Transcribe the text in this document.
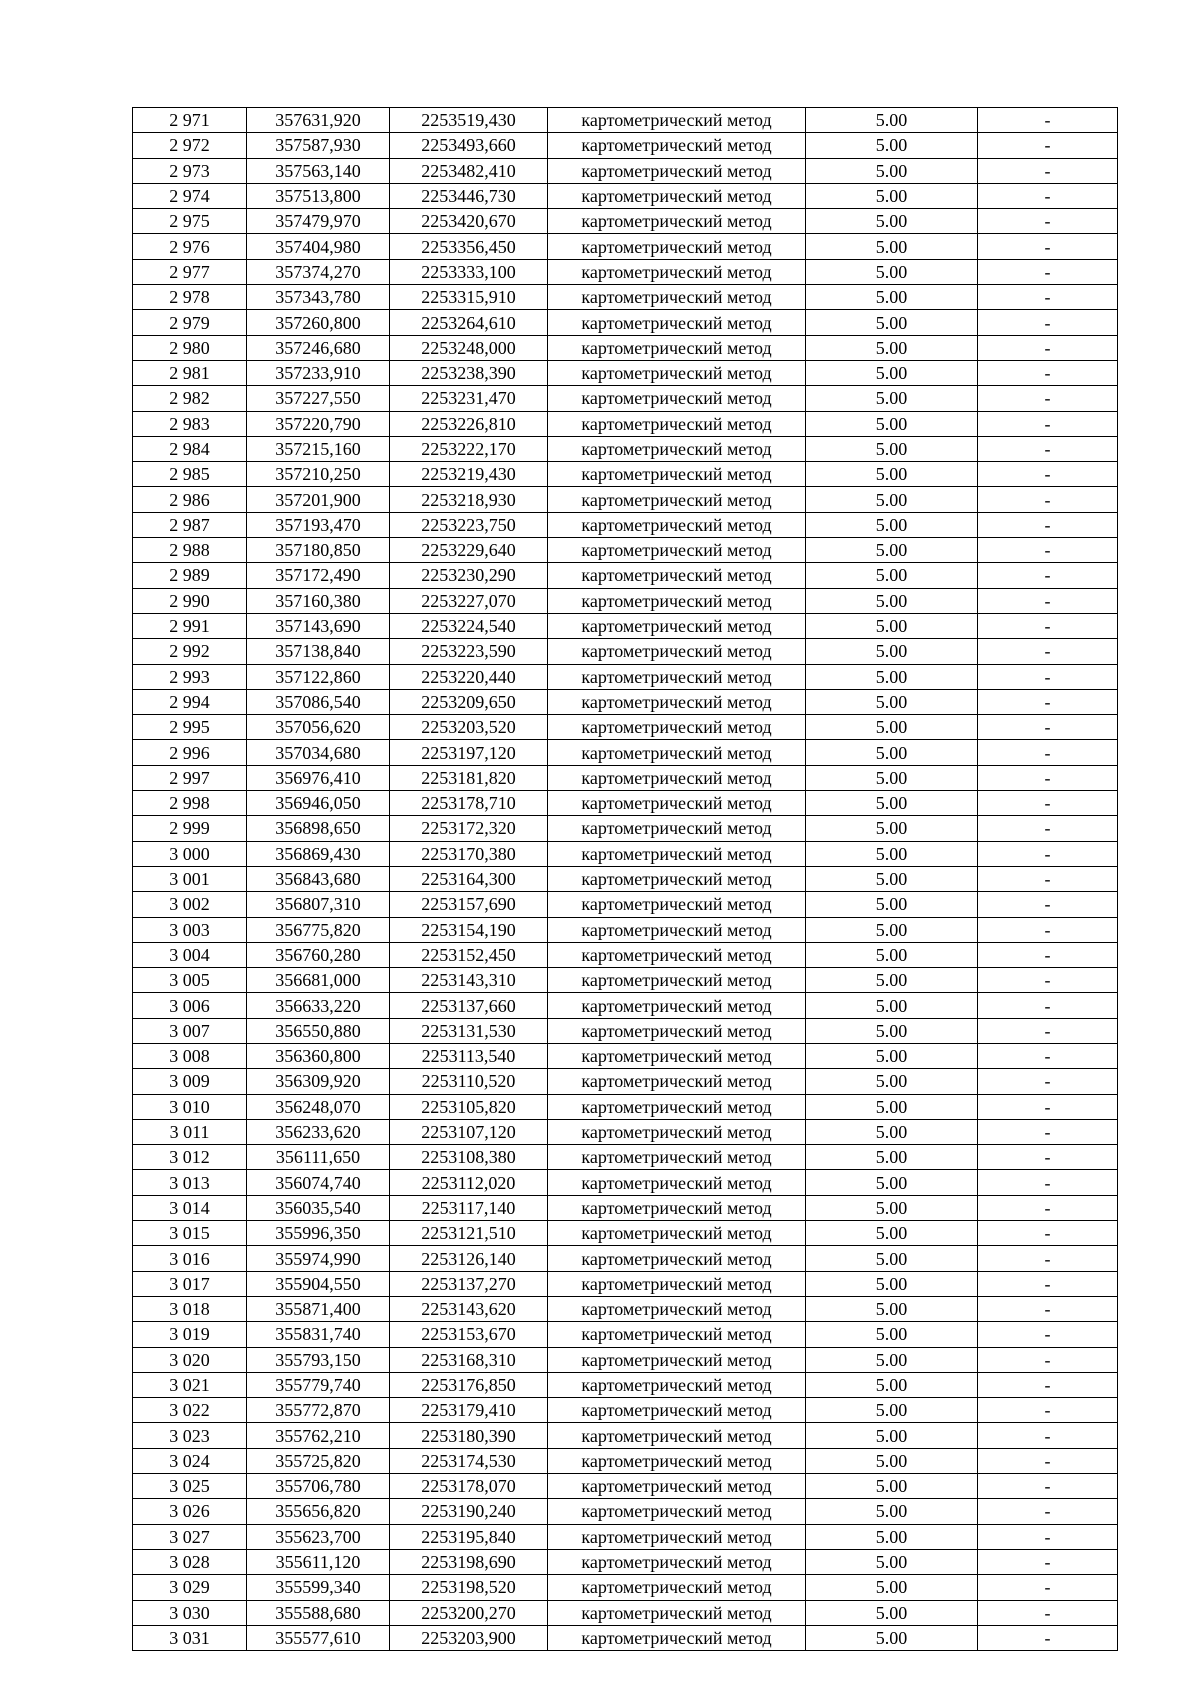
2 971	357631,920	2253519,430	картометрический метод	5.00	-
2 972	357587,930	2253493,660	картометрический метод	5.00	-
2 973	357563,140	2253482,410	картометрический метод	5.00	-
2 974	357513,800	2253446,730	картометрический метод	5.00	-
2 975	357479,970	2253420,670	картометрический метод	5.00	-
2 976	357404,980	2253356,450	картометрический метод	5.00	-
2 977	357374,270	2253333,100	картометрический метод	5.00	-
2 978	357343,780	2253315,910	картометрический метод	5.00	-
2 979	357260,800	2253264,610	картометрический метод	5.00	-
2 980	357246,680	2253248,000	картометрический метод	5.00	-
2 981	357233,910	2253238,390	картометрический метод	5.00	-
2 982	357227,550	2253231,470	картометрический метод	5.00	-
2 983	357220,790	2253226,810	картометрический метод	5.00	-
2 984	357215,160	2253222,170	картометрический метод	5.00	-
2 985	357210,250	2253219,430	картометрический метод	5.00	-
2 986	357201,900	2253218,930	картометрический метод	5.00	-
2 987	357193,470	2253223,750	картометрический метод	5.00	-
2 988	357180,850	2253229,640	картометрический метод	5.00	-
2 989	357172,490	2253230,290	картометрический метод	5.00	-
2 990	357160,380	2253227,070	картометрический метод	5.00	-
2 991	357143,690	2253224,540	картометрический метод	5.00	-
2 992	357138,840	2253223,590	картометрический метод	5.00	-
2 993	357122,860	2253220,440	картометрический метод	5.00	-
2 994	357086,540	2253209,650	картометрический метод	5.00	-
2 995	357056,620	2253203,520	картометрический метод	5.00	-
2 996	357034,680	2253197,120	картометрический метод	5.00	-
2 997	356976,410	2253181,820	картометрический метод	5.00	-
2 998	356946,050	2253178,710	картометрический метод	5.00	-
2 999	356898,650	2253172,320	картометрический метод	5.00	-
3 000	356869,430	2253170,380	картометрический метод	5.00	-
3 001	356843,680	2253164,300	картометрический метод	5.00	-
3 002	356807,310	2253157,690	картометрический метод	5.00	-
3 003	356775,820	2253154,190	картометрический метод	5.00	-
3 004	356760,280	2253152,450	картометрический метод	5.00	-
3 005	356681,000	2253143,310	картометрический метод	5.00	-
3 006	356633,220	2253137,660	картометрический метод	5.00	-
3 007	356550,880	2253131,530	картометрический метод	5.00	-
3 008	356360,800	2253113,540	картометрический метод	5.00	-
3 009	356309,920	2253110,520	картометрический метод	5.00	-
3 010	356248,070	2253105,820	картометрический метод	5.00	-
3 011	356233,620	2253107,120	картометрический метод	5.00	-
3 012	356111,650	2253108,380	картометрический метод	5.00	-
3 013	356074,740	2253112,020	картометрический метод	5.00	-
3 014	356035,540	2253117,140	картометрический метод	5.00	-
3 015	355996,350	2253121,510	картометрический метод	5.00	-
3 016	355974,990	2253126,140	картометрический метод	5.00	-
3 017	355904,550	2253137,270	картометрический метод	5.00	-
3 018	355871,400	2253143,620	картометрический метод	5.00	-
3 019	355831,740	2253153,670	картометрический метод	5.00	-
3 020	355793,150	2253168,310	картометрический метод	5.00	-
3 021	355779,740	2253176,850	картометрический метод	5.00	-
3 022	355772,870	2253179,410	картометрический метод	5.00	-
3 023	355762,210	2253180,390	картометрический метод	5.00	-
3 024	355725,820	2253174,530	картометрический метод	5.00	-
3 025	355706,780	2253178,070	картометрический метод	5.00	-
3 026	355656,820	2253190,240	картометрический метод	5.00	-
3 027	355623,700	2253195,840	картометрический метод	5.00	-
3 028	355611,120	2253198,690	картометрический метод	5.00	-
3 029	355599,340	2253198,520	картометрический метод	5.00	-
3 030	355588,680	2253200,270	картометрический метод	5.00	-
3 031	355577,610	2253203,900	картометрический метод	5.00	-
